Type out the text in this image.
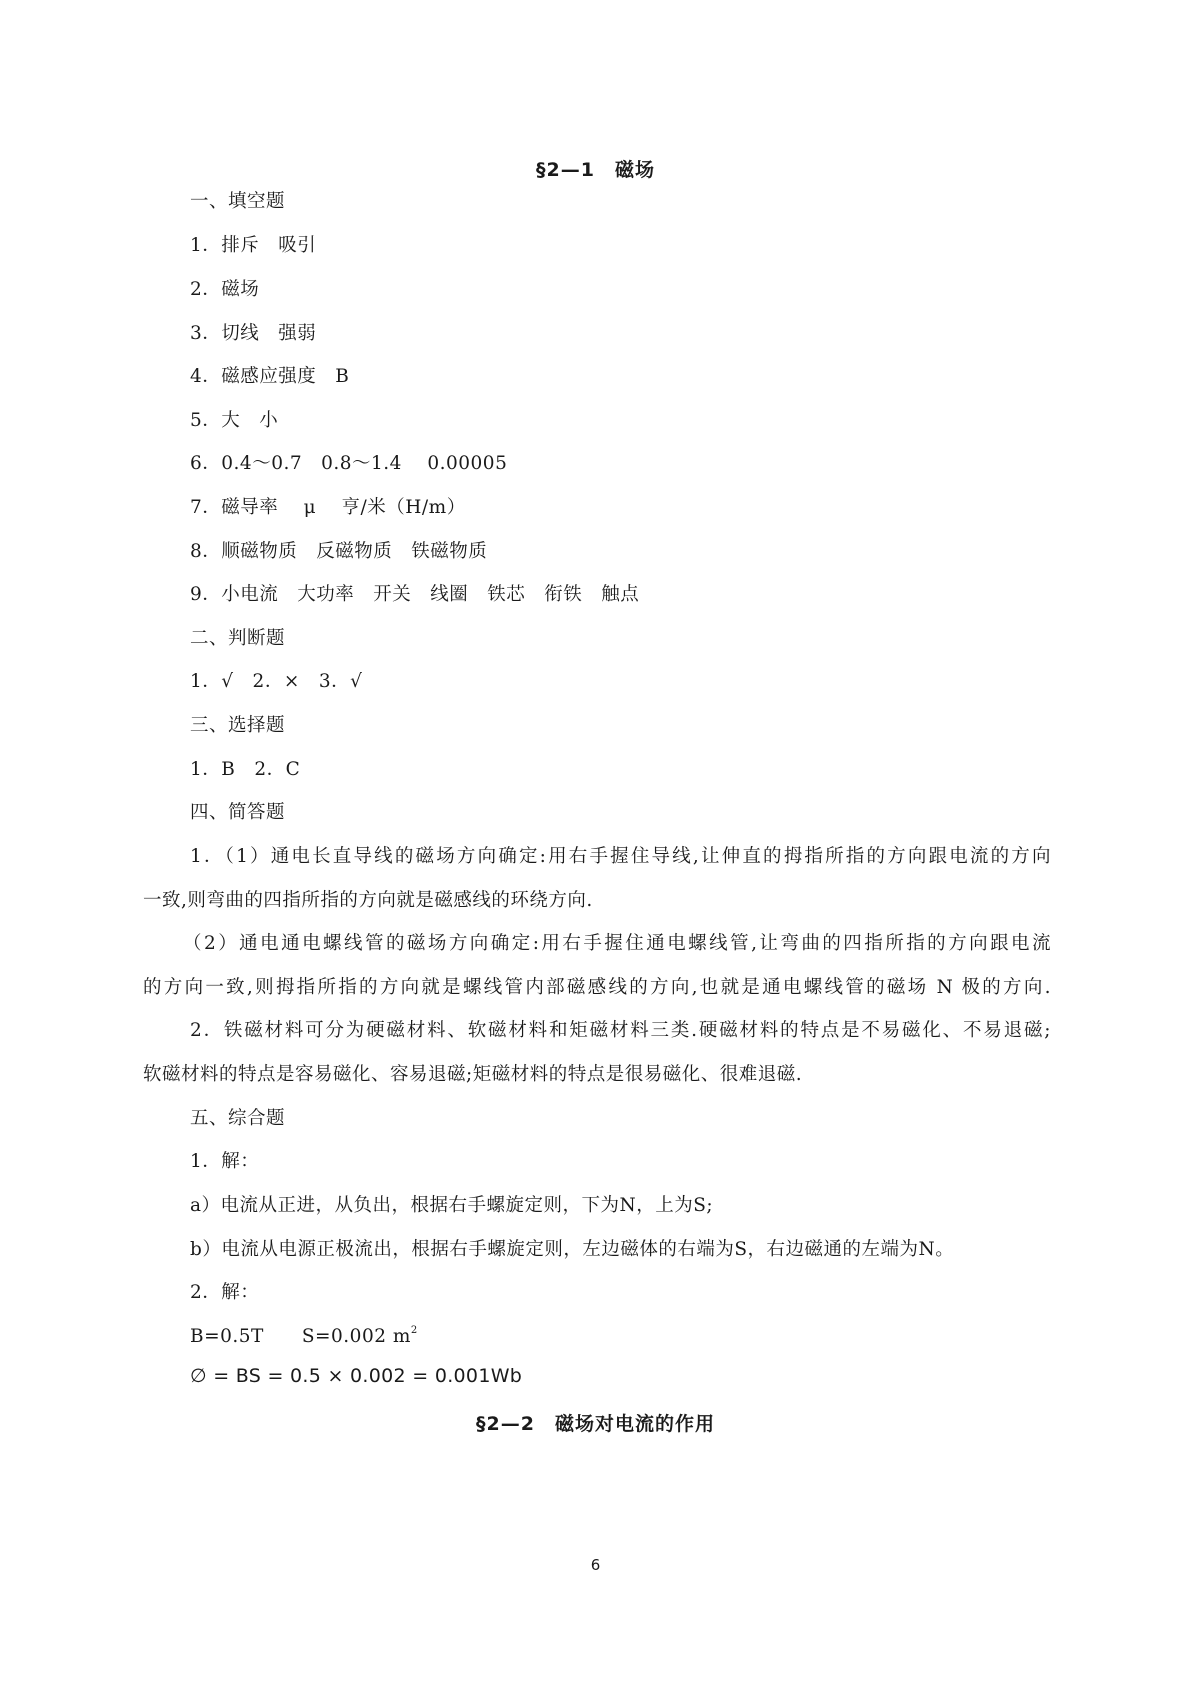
§2—1　磁场
一、填空题
1．排斥　吸引
2．磁场
3．切线　强弱
4．磁感应强度　B
5．大　小
6．0.4～0.7　0.8～1.4　 0.00005
7．磁导率　 μ　 亨/米（H/m）
8．顺磁物质　反磁物质　铁磁物质
9．小电流　大功率　开关　线圈　铁芯　衔铁　触点
二、判断题
1．√　2．×　3．√
三、选择题
1．B　2．C
四、简答题
1．（1）通电长直导线的磁场方向确定:用右手握住导线,让伸直的拇指所指的方向跟电流的方向
一致,则弯曲的四指所指的方向就是磁感线的环绕方向.
（2）通电通电螺线管的磁场方向确定:用右手握住通电螺线管,让弯曲的四指所指的方向跟电流
的方向一致,则拇指所指的方向就是螺线管内部磁感线的方向,也就是通电螺线管的磁场 N 极的方向.
2．铁磁材料可分为硬磁材料、软磁材料和矩磁材料三类.硬磁材料的特点是不易磁化、不易退磁;
软磁材料的特点是容易磁化、容易退磁;矩磁材料的特点是很易磁化、很难退磁.
五、综合题
1．解：
a）电流从正进，从负出，根据右手螺旋定则，下为N，上为S;
b）电流从电源正极流出，根据右手螺旋定则，左边磁体的右端为S，右边磁通的左端为N。
2．解：
B=0.5T　　S=0.002 $m^2$
∅ = BS = 0.5 × 0.002 = 0.001Wb
§2—2　磁场对电流的作用
6
